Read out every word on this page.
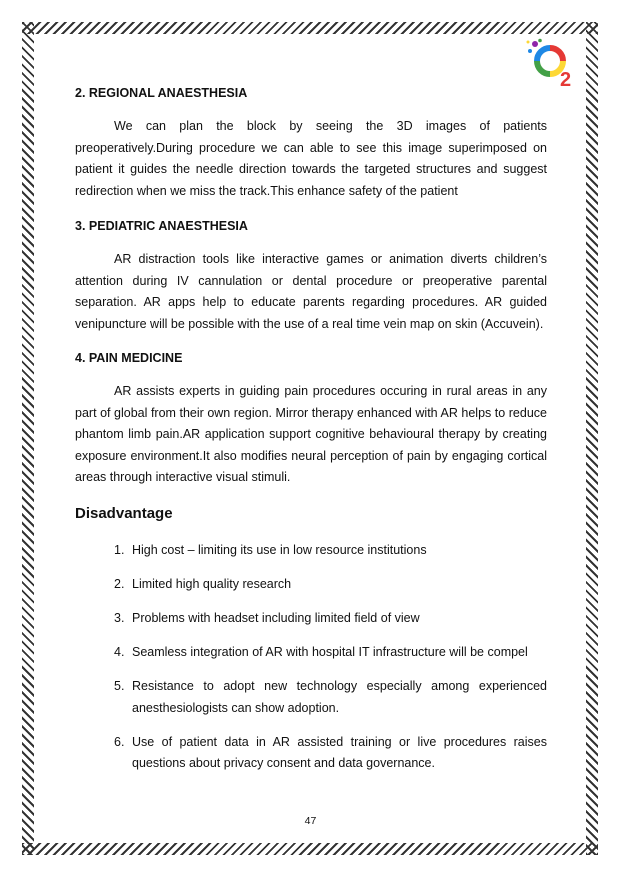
2

2. REGIONAL ANAESTHESIA

We can plan the block by seeing the 3D images of patients preoperatively.During procedure we can able to see this image superimposed on patient it guides the needle direction towards the targeted structures and suggest redirection when we miss the track.This enhance safety of the patient

3. PEDIATRIC ANAESTHESIA

AR distraction tools like interactive games or animation diverts children’s attention during IV cannulation or dental procedure or preoperative parental separation. AR apps help to educate parents regarding procedures. AR guided venipuncture will be possible with the use of a real time vein map on skin (Accuvein).

4. PAIN MEDICINE

AR assists experts in guiding pain procedures occuring in rural areas in any part of global from their own region. Mirror therapy enhanced with AR helps to reduce phantom limb pain.AR application support cognitive behavioural therapy by creating exposure environment.It also modifies neural perception of pain by engaging cortical areas through interactive visual stimuli.

Disadvantage
1. High cost – limiting its use in low resource institutions
2. Limited high quality research
3. Problems with headset including limited field of view
4. Seamless integration of AR with hospital IT infrastructure will be compel
5. Resistance to adopt new technology especially among experienced anesthesiologists can show adoption.
6. Use of patient data in AR assisted training or live procedures raises questions about privacy consent and data governance.
47
